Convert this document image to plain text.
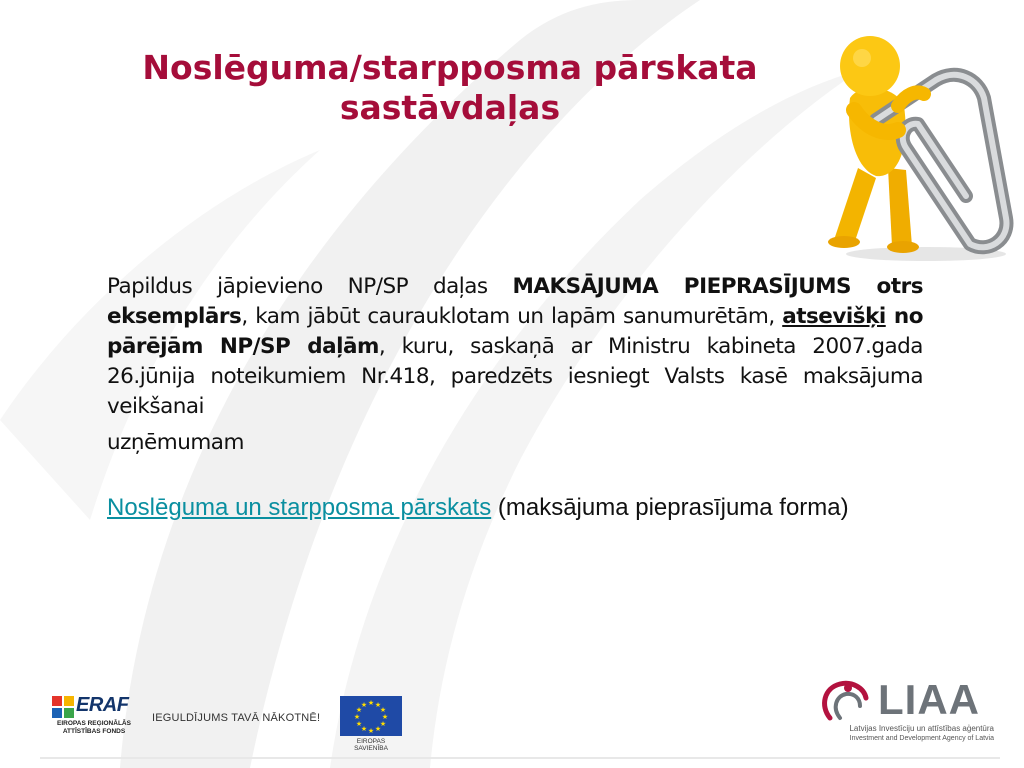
Noslēguma/starpposma pārskata
sastāvdaļas
Papildus jāpievieno NP/SP daļas MAKSĀJUMA PIEPRASĪJUMS otrs eksemplārs, kam jābūt caurauklotam un lapām sanumurētām, atsevišķi no pārējām NP/SP daļām, kuru, saskaņā ar Ministru kabineta 2007.gada 26.jūnija noteikumiem Nr.418, paredzēts iesniegt Valsts kasē maksājuma veikšanai
uzņēmumam
Noslēguma un starpposma pārskats (maksājuma pieprasījuma forma)
ERAF
EIROPAS REĢIONĀLĀS
ATTĪSTĪBAS FONDS
IEGULDĪJUMS TAVĀ NĀKOTNĒ!
★ ★
★
★
★
★
★
★
★
★
★
★
EIROPAS SAVIENĪBA
LIAA
Latvijas Investīciju un attīstības aģentūra
Investment and Development Agency of Latvia
